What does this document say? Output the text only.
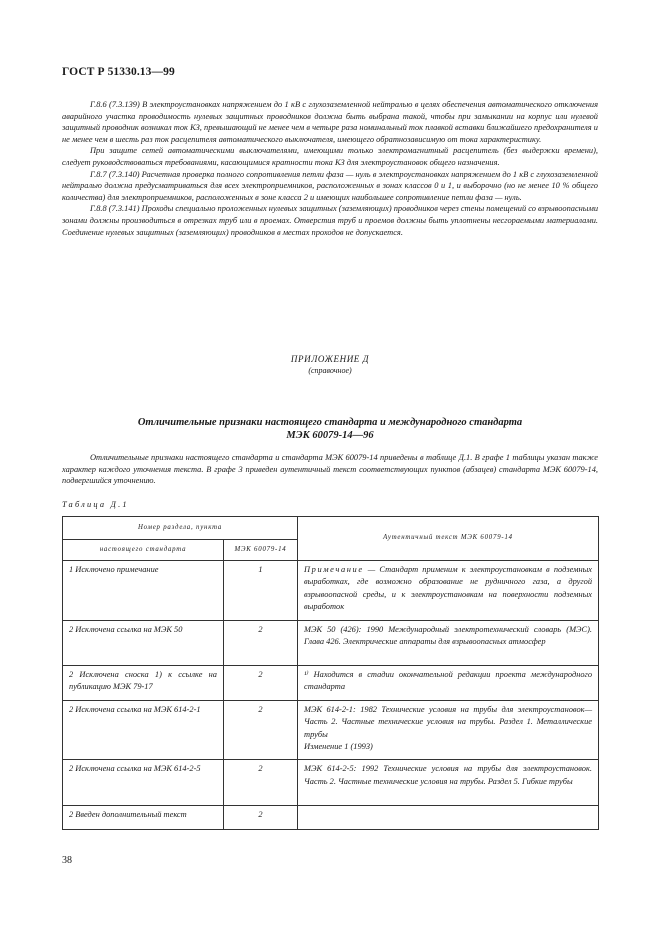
ГОСТ Р 51330.13—99

Г.8.6 (7.3.139) В электроустановках напряжением до 1 кВ с глухозаземленной нейтралью в целях обеспечения автоматического отключения аварийного участка проводимость нулевых защитных проводников должна быть выбрана такой, чтобы при замыкании на корпус или нулевой защитный проводник возникал ток КЗ, превышающий не менее чем в четыре раза номинальный ток плавкой вставки ближайшего предохранителя и не менее чем в шесть раз ток расцепителя автоматического выключателя, имеющего обратнозависимую от тока характеристику.

При защите сетей автоматическими выключателями, имеющими только электромагнитный расцепитель (без выдержки времени), следует руководствоваться требованиями, касающимися кратности тока КЗ для электроустановок общего назначения.

Г.8.7 (7.3.140) Расчетная проверка полного сопротивления петли фаза — нуль в электроустановках напряжением до 1 кВ с глухозаземленной нейтралью должна предусматриваться для всех электроприемников, расположенных в зонах классов 0 и 1, и выборочно (но не менее 10 % общего количества) для электроприемников, расположенных в зоне класса 2 и имеющих наибольшее сопротивление петли фаза — нуль.

Г.8.8 (7.3.141) Проходы специально проложенных нулевых защитных (заземляющих) проводников через стены помещений со взрывоопасными зонами должны производиться в отрезках труб или в проемах. Отверстия труб и проемов должны быть уплотнены несгораемыми материалами. Соединение нулевых защитных (заземляющих) проводников в местах проходов не допускается.

ПРИЛОЖЕНИЕ Д
(справочное)
Отличительные признаки настоящего стандарта и международного стандарта
МЭК 60079-14—96

Отличительные признаки настоящего стандарта и стандарта МЭК 60079-14 приведены в таблице Д.1. В графе 1 таблицы указан также характер каждого уточнения текста. В графе 3 приведен аутентичный текст соответствующих пунктов (абзацев) стандарта МЭК 60079-14, подвергшийся уточнению.

Таблица Д.1
Номер раздела, пункта		Аутентичный текст МЭК 60079-14
настоящего стандарта	МЭК 60079-14	
1 Исключено примечание	1	Примечание — Стандарт применим к электроустановкам в подземных выработках, где возможно образование не рудничного газа, а другой взрывоопасной среды, и к электроустановкам на поверхности подземных выработок
2 Исключена ссылка на МЭК 50	2	МЭК 50 (426): 1990 Международный электротехнический словарь (МЭС). Глава 426. Электрические аппараты для взрывоопасных атмосфер
2 Исключена сноска 1) к ссылке на публикацию МЭК 79-17	2	¹⁾ Находится в стадии окончательной редакции проекта международного стандарта
2 Исключена ссылка на МЭК 614-2-1	2	МЭК 614-2-1: 1982 Технические условия на трубы для электроустановок— Часть 2. Частные технические условия на трубы. Раздел 1. Металлические трубы
Изменение 1 (1993)

2 Исключена ссылка на МЭК 614-2-5	2	МЭК 614-2-5: 1992 Технические условия на трубы для электроустановок. Часть 2. Частные технические условия на трубы. Раздел 5. Гибкие трубы
2 Введен дополнительный текст	2	
38
